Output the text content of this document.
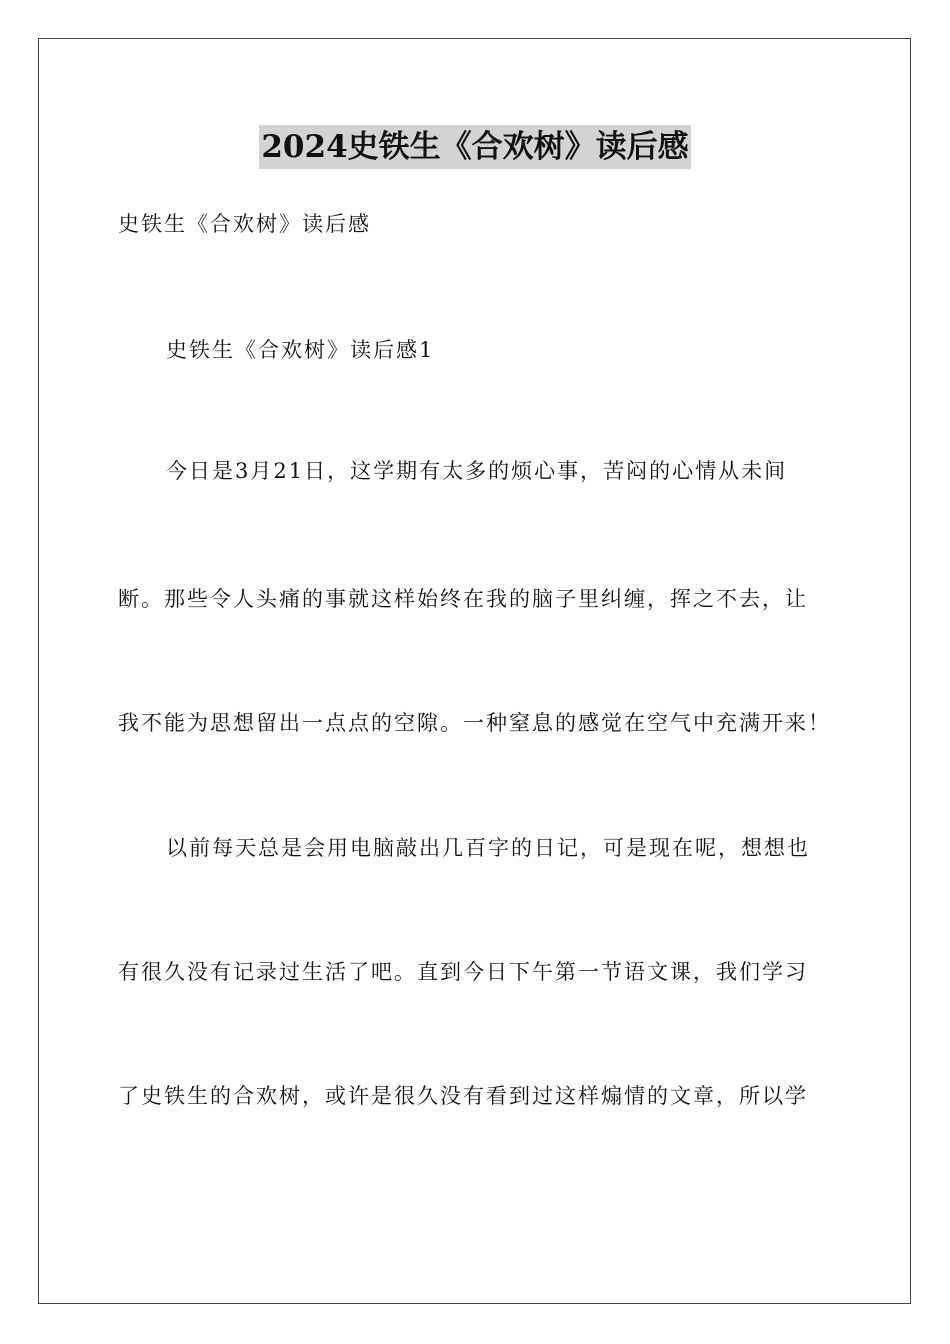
2024史铁生《合欢树》读后感
史铁生《合欢树》读后感
史铁生《合欢树》读后感1
今日是3月21日，这学期有太多的烦心事，苦闷的心情从未间
断。那些令人头痛的事就这样始终在我的脑子里纠缠，挥之不去，让
我不能为思想留出一点点的空隙。一种窒息的感觉在空气中充满开来！
以前每天总是会用电脑敲出几百字的日记，可是现在呢，想想也
有很久没有记录过生活了吧。直到今日下午第一节语文课，我们学习
了史铁生的合欢树，或许是很久没有看到过这样煽情的文章，所以学
